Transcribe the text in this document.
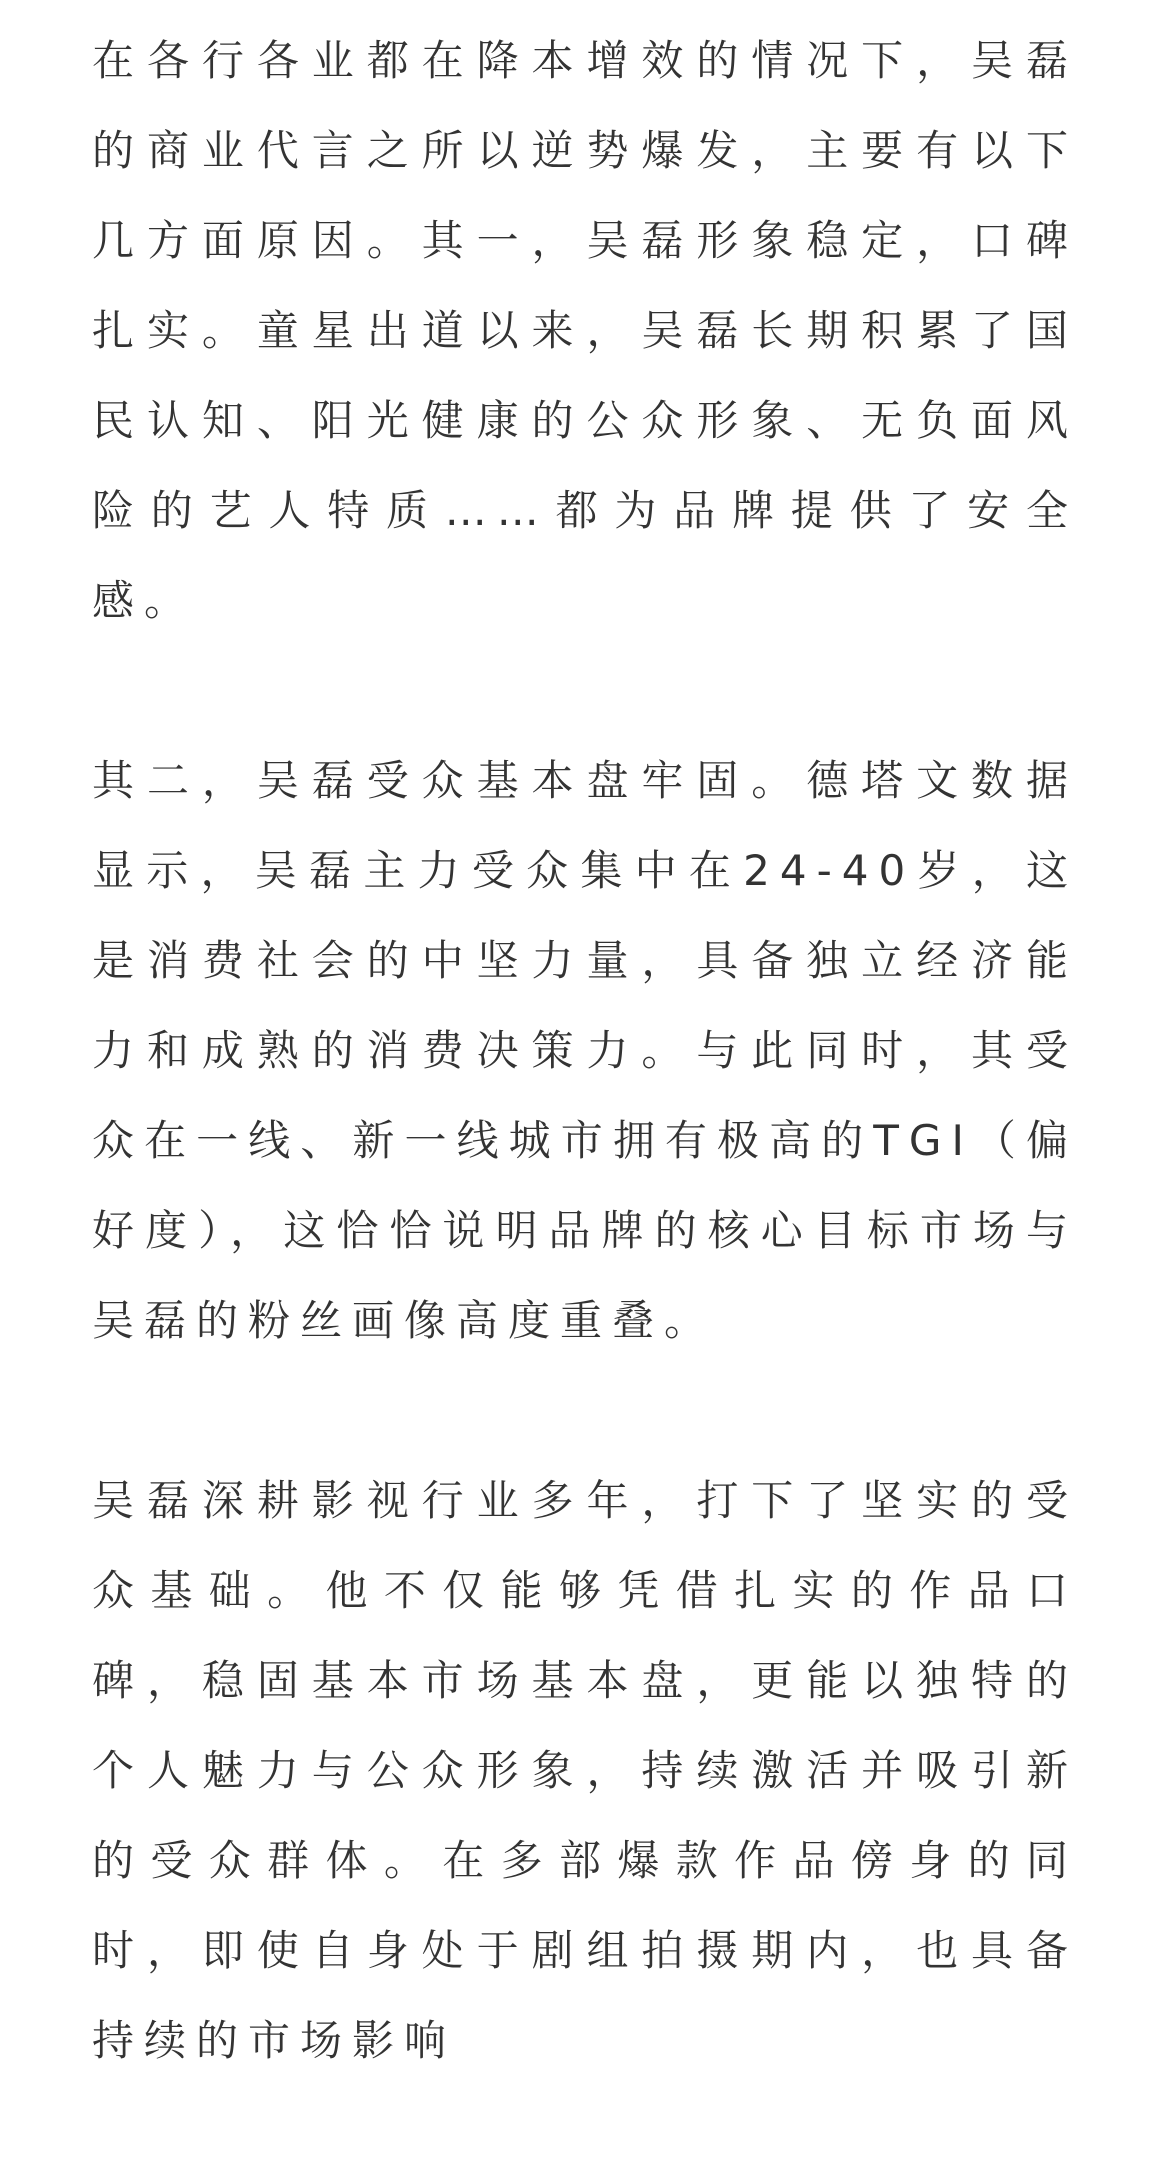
在各行各业都在降本增效的情况下，吴磊的商业代言之所以逆势爆发，主要有以下几方面原因。其一，吴磊形象稳定，口碑扎实。童星出道以来，吴磊长期积累了国民认知、阳光健康的公众形象、无负面风险的艺人特质……都为品牌提供了安全感。

其二，吴磊受众基本盘牢固。德塔文数据显示，吴磊主力受众集中在24-40岁，这是消费社会的中坚力量，具备独立经济能力和成熟的消费决策力。与此同时，其受众在一线、新一线城市拥有极高的TGI（偏好度），这恰恰说明品牌的核心目标市场与吴磊的粉丝画像高度重叠。

吴磊深耕影视行业多年，打下了坚实的受众基础。他不仅能够凭借扎实的作品口碑，稳固基本市场基本盘，更能以独特的个人魅力与公众形象，持续激活并吸引新的受众群体。在多部爆款作品傍身的同时，即使自身处于剧组拍摄期内，也具备持续的市场影响
